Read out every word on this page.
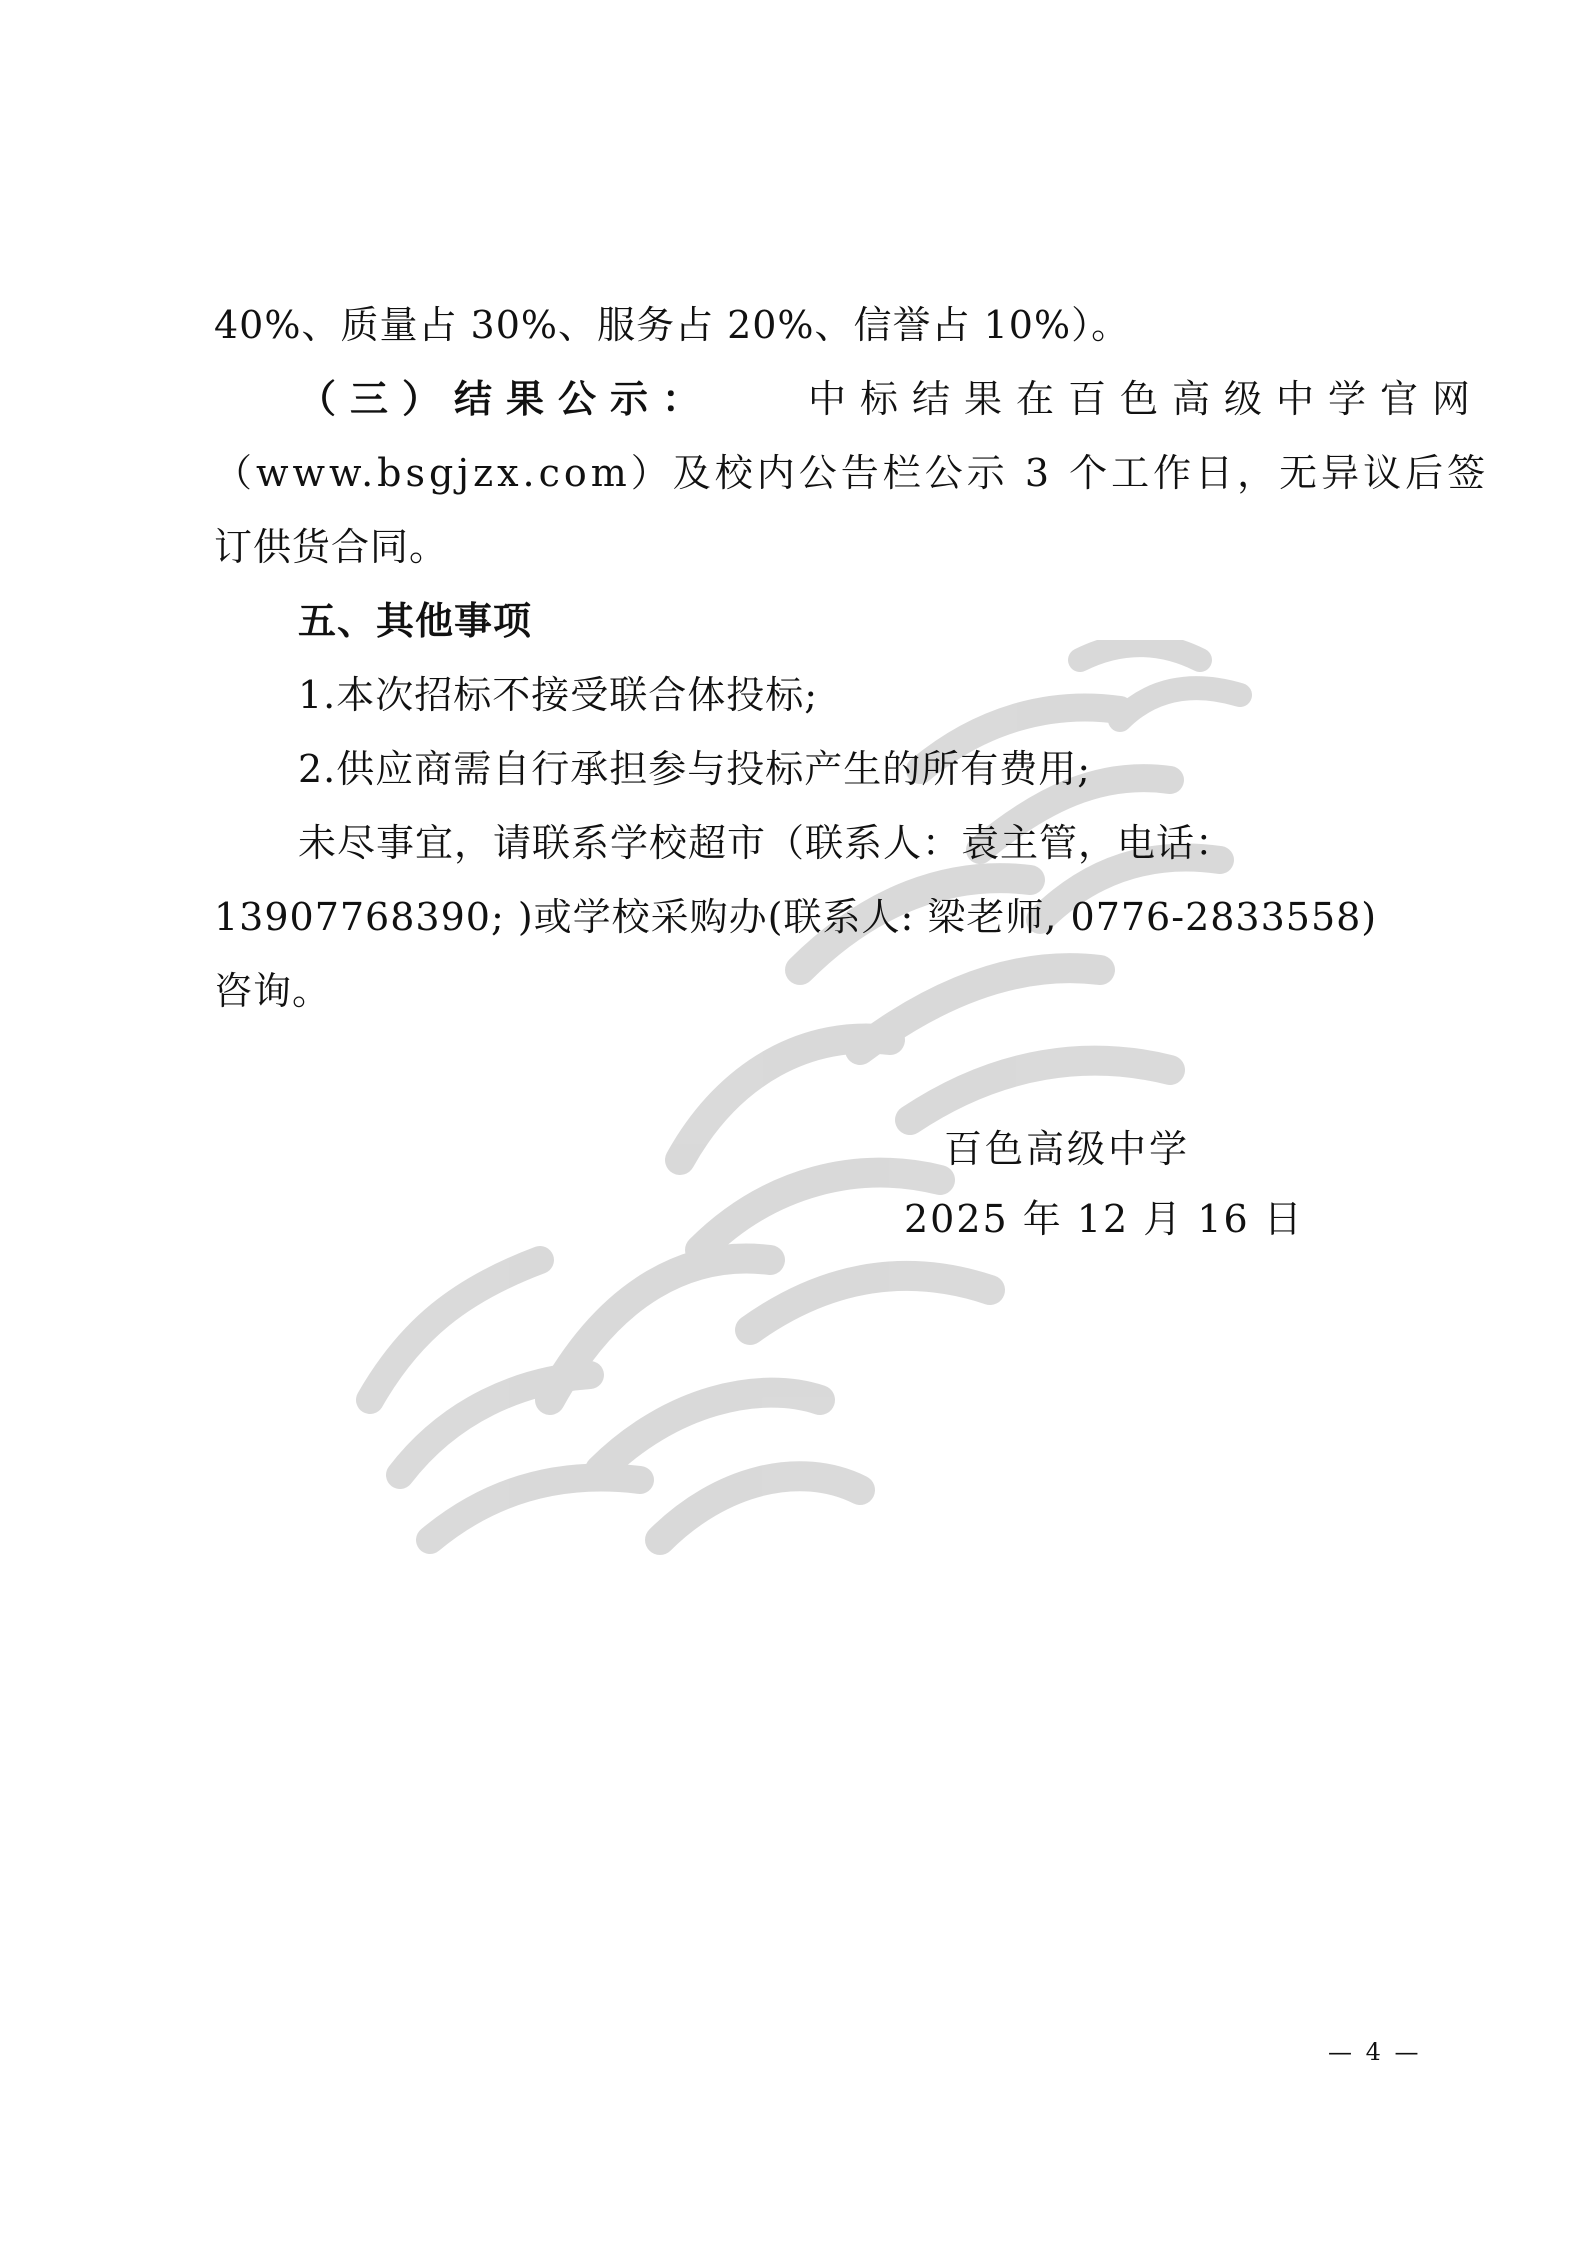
40%、质量占 30%、服务占 20%、信誉占 10%）。
（三）结果公示： 中标结果在百色高级中学官网
（www.bsgjzx.com）及校内公告栏公示 3 个工作日，无异议后签
订供货合同。
五、其他事项
1.本次招标不接受联合体投标;
2.供应商需自行承担参与投标产生的所有费用;
未尽事宜，请联系学校超市（联系人：袁主管，电话：
13907768390; )或学校采购办(联系人: 梁老师, 0776-2833558)
咨询。
百色高级中学
2025 年 12 月 16 日
— 4 —
